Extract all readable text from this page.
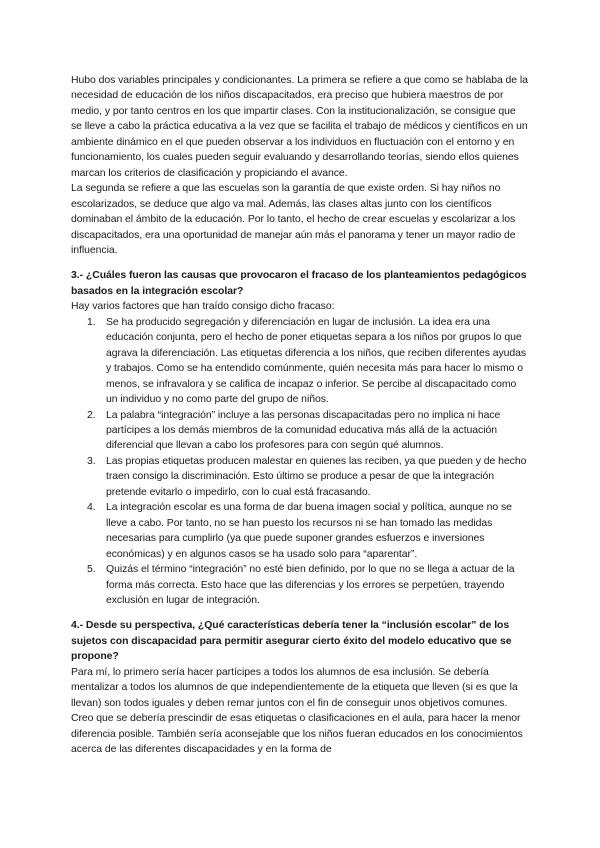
Hubo dos variables principales y condicionantes. La primera se refiere a que como se hablaba de la necesidad de educación de los niños discapacitados, era preciso que hubiera maestros de por medio, y por tanto centros en los que impartir clases. Con la institucionalización, se consigue que se lleve a cabo la práctica educativa a la vez que se facilita el trabajo de médicos y científicos en un ambiente dinámico en el que pueden observar a los individuos en fluctuación con el entorno y en funcionamiento, los cuales pueden seguir evaluando y desarrollando teorías, siendo ellos quienes marcan los criterios de clasificación y propiciando el avance.

La segunda se refiere a que las escuelas son la garantía de que existe orden. Si hay niños no escolarizados, se deduce que algo va mal. Además, las clases altas junto con los científicos dominaban el ámbito de la educación. Por lo tanto, el hecho de crear escuelas y escolarizar a los discapacitados, era una oportunidad de manejar aún más el panorama y tener un mayor radio de influencia.

3.- ¿Cuáles fueron las causas que provocaron el fracaso de los planteamientos pedagógicos basados en la integración escolar?

Hay varios factores que han traído consigo dicho fracaso:

1. Se ha producido segregación y diferenciación en lugar de inclusión. La idea era una educación conjunta, pero el hecho de poner etiquetas separa a los niños por grupos lo que agrava la diferenciación. Las etiquetas diferencia a los niños, que reciben diferentes ayudas y trabajos. Como se ha entendido comúnmente, quién necesita más para hacer lo mismo o menos, se infravalora y se califica de incapaz o inferior. Se percibe al discapacitado como un individuo y no como parte del grupo de niños.
2. La palabra “integración” incluye a las personas discapacitadas pero no implica ni hace partícipes a los demás miembros de la comunidad educativa más allá de la actuación diferencial que llevan a cabo los profesores para con según qué alumnos.
3. Las propias etiquetas producen malestar en quienes las reciben, ya que pueden y de hecho traen consigo la discriminación. Esto último se produce a pesar de que la integración pretende evitarlo o impedirlo, con lo cual está fracasando.
4. La integración escolar es una forma de dar buena imagen social y política, aunque no se lleve a cabo. Por tanto, no se han puesto los recursos ni se han tomado las medidas necesarias para cumplirlo (ya que puede suponer grandes esfuerzos e inversiones económicas) y en algunos casos se ha usado solo para “aparentar”.
5. Quizás el término “integración” no esté bien definido, por lo que no se llega a actuar de la forma más correcta. Esto hace que las diferencias y los errores se perpetúen, trayendo exclusión en lugar de integración.

4.- Desde su perspectiva, ¿Qué características debería tener la “inclusión escolar” de los sujetos con discapacidad para permitir asegurar cierto éxito del modelo educativo que se propone?

Para mí, lo primero sería hacer partícipes a todos los alumnos de esa inclusión. Se debería mentalizar a todos los alumnos de que independientemente de la etiqueta que lleven (si es que la llevan) son todos iguales y deben remar juntos con el fin de conseguir unos objetivos comunes. Creo que se debería prescindir de esas etiquetas o clasificaciones en el aula, para hacer la menor diferencia posible. También sería aconsejable que los niños fueran educados en los conocimientos acerca de las diferentes discapacidades y en la forma de
